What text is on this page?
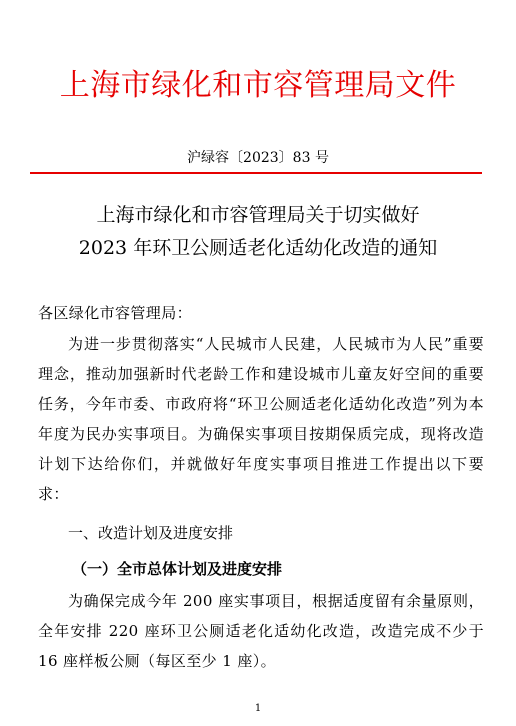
上海市绿化和市容管理局文件
沪绿容〔2023〕83 号
上海市绿化和市容管理局关于切实做好
2023 年环卫公厕适老化适幼化改造的通知
各区绿化市容管理局：
为进一步贯彻落实“人民城市人民建，人民城市为人民”重要理念，推动加强新时代老龄工作和建设城市儿童友好空间的重要任务，今年市委、市政府将“环卫公厕适老化适幼化改造”列为本年度为民办实事项目。为确保实事项目按期保质完成，现将改造计划下达给你们，并就做好年度实事项目推进工作提出以下要求：
一、改造计划及进度安排
（一）全市总体计划及进度安排
为确保完成今年 200 座实事项目，根据适度留有余量原则，全年安排 220 座环卫公厕适老化适幼化改造，改造完成不少于 16 座样板公厕（每区至少 1 座）。
1
